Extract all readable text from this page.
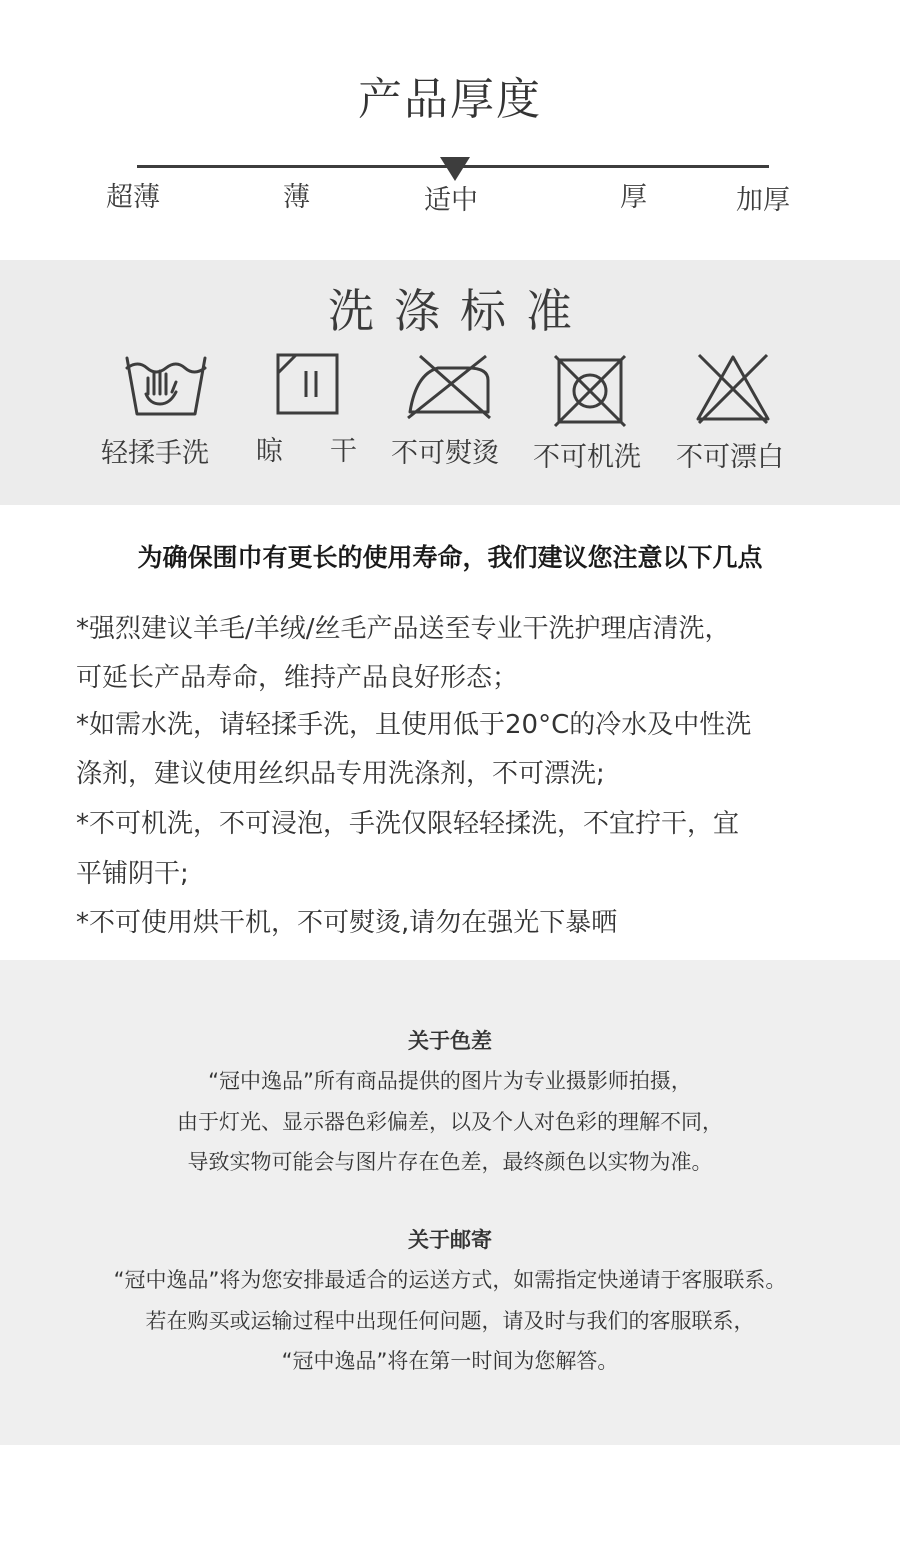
产品厚度
超薄	薄	适中	厚	加厚
洗涤标准
轻揉手洗 晾 干 不可熨烫 不可机洗 不可漂白
为确保围巾有更长的使用寿命，我们建议您注意以下几点
*强烈建议羊毛/羊绒/丝毛产品送至专业干洗护理店清洗，
可延长产品寿命，维持产品良好形态；
*如需水洗，请轻揉手洗，且使用低于20°C的冷水及中性洗
涤剂，建议使用丝织品专用洗涤剂，不可漂洗;
*不可机洗，不可浸泡，手洗仅限轻轻揉洗，不宜拧干，宜
平铺阴干;
*不可使用烘干机，不可熨烫,请勿在强光下暴晒
关于色差
“冠中逸品”所有商品提供的图片为专业摄影师拍摄，
由于灯光、显示器色彩偏差，以及个人对色彩的理解不同，
导致实物可能会与图片存在色差，最终颜色以实物为准。
关于邮寄
“冠中逸品”将为您安排最适合的运送方式，如需指定快递请于客服联系。
若在购买或运输过程中出现任何问题，请及时与我们的客服联系，
“冠中逸品”将在第一时间为您解答。
